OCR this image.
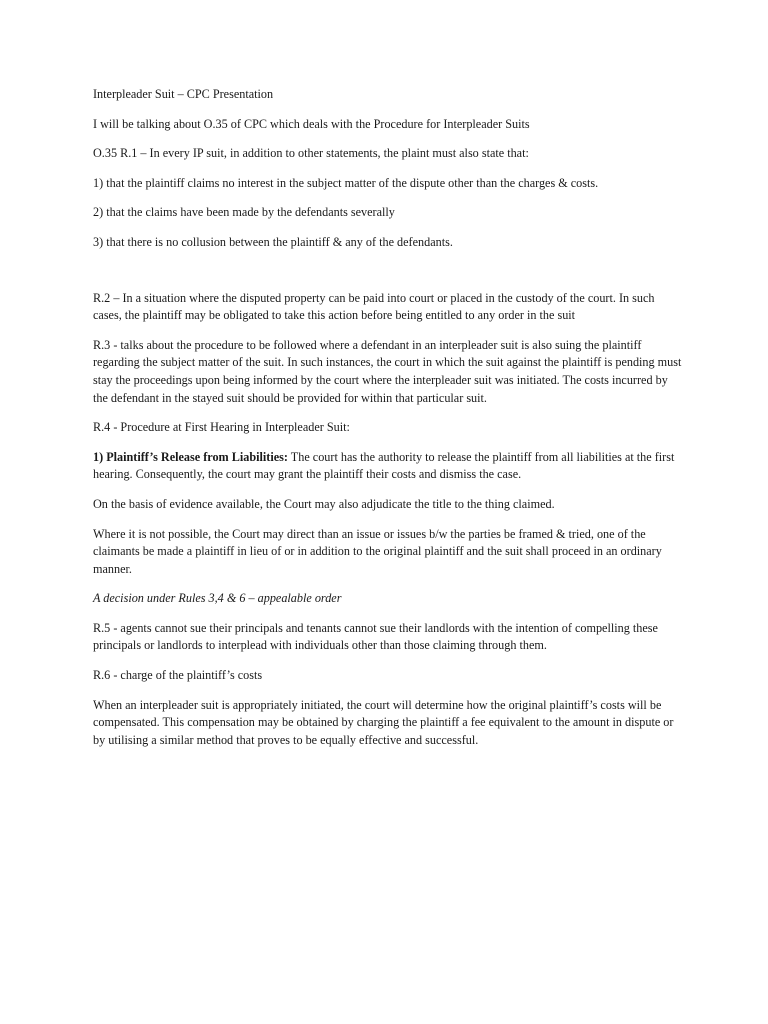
Interpleader Suit – CPC Presentation

I will be talking about O.35 of CPC which deals with the Procedure for Interpleader Suits

O.35 R.1 – In every IP suit, in addition to other statements, the plaint must also state that:

1) that the plaintiff claims no interest in the subject matter of the dispute other than the charges & costs.

2) that the claims have been made by the defendants severally

3) that there is no collusion between the plaintiff & any of the defendants.

R.2 – In a situation where the disputed property can be paid into court or placed in the custody of the court. In such cases, the plaintiff may be obligated to take this action before being entitled to any order in the suit

R.3 - talks about the procedure to be followed where a defendant in an interpleader suit is also suing the plaintiff regarding the subject matter of the suit. In such instances, the court in which the suit against the plaintiff is pending must stay the proceedings upon being informed by the court where the interpleader suit was initiated. The costs incurred by the defendant in the stayed suit should be provided for within that particular suit.

R.4 - Procedure at First Hearing in Interpleader Suit:

1) Plaintiff’s Release from Liabilities: The court has the authority to release the plaintiff from all liabilities at the first hearing. Consequently, the court may grant the plaintiff their costs and dismiss the case.

On the basis of evidence available, the Court may also adjudicate the title to the thing claimed.

Where it is not possible, the Court may direct than an issue or issues b/w the parties be framed & tried, one of the claimants be made a plaintiff in lieu of or in addition to the original plaintiff and the suit shall proceed in an ordinary manner.

A decision under Rules 3,4 & 6 – appealable order

R.5 - agents cannot sue their principals and tenants cannot sue their landlords with the intention of compelling these principals or landlords to interplead with individuals other than those claiming through them.

R.6 - charge of the plaintiff’s costs

When an interpleader suit is appropriately initiated, the court will determine how the original plaintiff’s costs will be compensated. This compensation may be obtained by charging the plaintiff a fee equivalent to the amount in dispute or by utilising a similar method that proves to be equally effective and successful.
